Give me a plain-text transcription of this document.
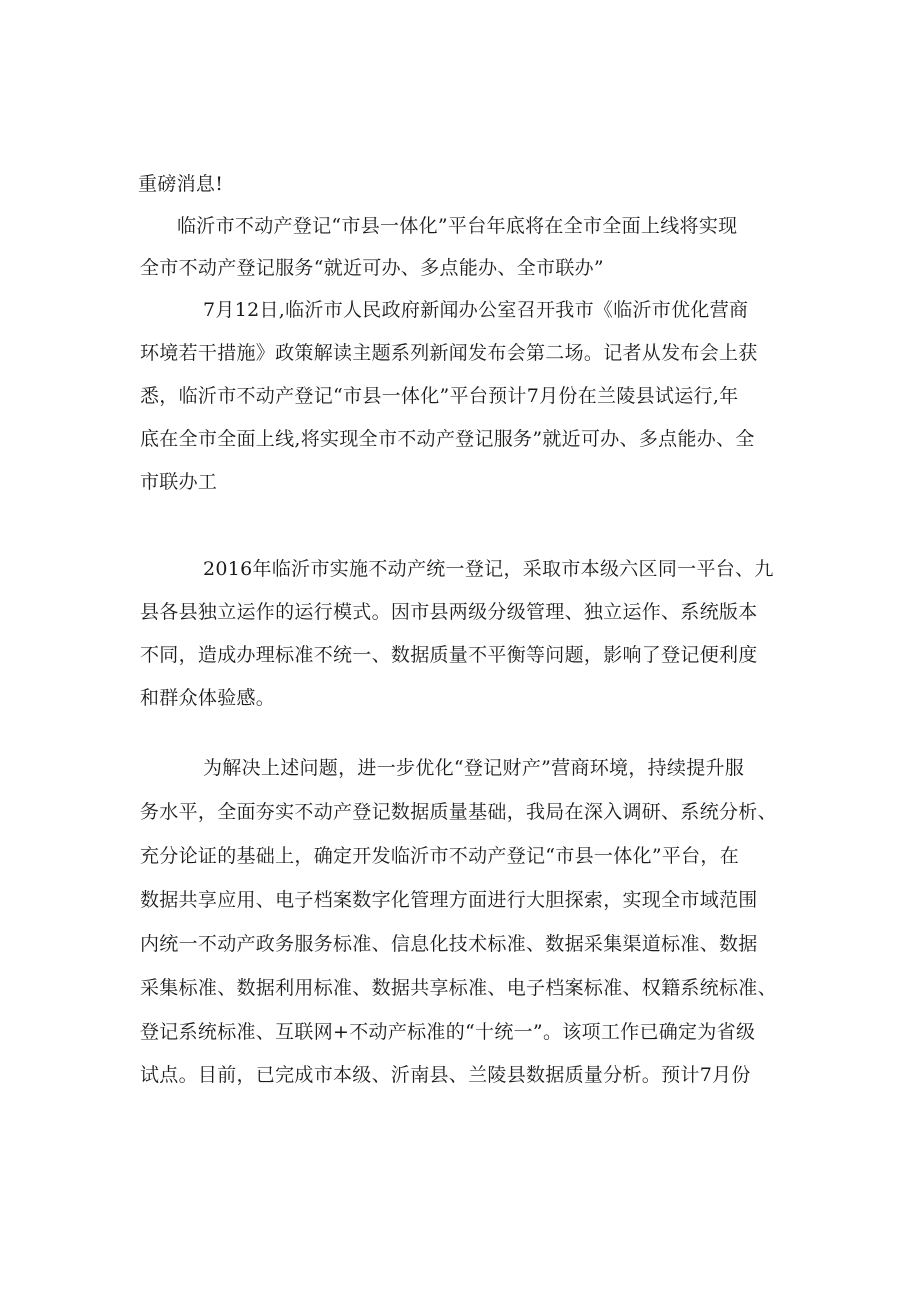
重磅消息!
临沂市不动产登记“市县一体化”平台年底将在全市全面上线将实现
全市不动产登记服务“就近可办、多点能办、全市联办”
7月12日,临沂市人民政府新闻办公室召开我市《临沂市优化营商
环境若干措施》政策解读主题系列新闻发布会第二场。记者从发布会上获
悉，临沂市不动产登记“市县一体化”平台预计7月份在兰陵县试运行,年
底在全市全面上线,将实现全市不动产登记服务”就近可办、多点能办、全
市联办工
2016年临沂市实施不动产统一登记，采取市本级六区同一平台、九
县各县独立运作的运行模式。因市县两级分级管理、独立运作、系统版本
不同，造成办理标准不统一、数据质量不平衡等问题，影响了登记便利度
和群众体验感。
为解决上述问题，进一步优化“登记财产”营商环境，持续提升服
务水平，全面夯实不动产登记数据质量基础，我局在深入调研、系统分析、
充分论证的基础上，确定开发临沂市不动产登记“市县一体化”平台，在
数据共享应用、电子档案数字化管理方面进行大胆探索，实现全市域范围
内统一不动产政务服务标准、信息化技术标准、数据采集渠道标准、数据
采集标准、数据利用标准、数据共享标准、电子档案标准、权籍系统标准、
登记系统标准、互联网+不动产标准的“十统一”。该项工作已确定为省级
试点。目前，已完成市本级、沂南县、兰陵县数据质量分析。预计7月份
